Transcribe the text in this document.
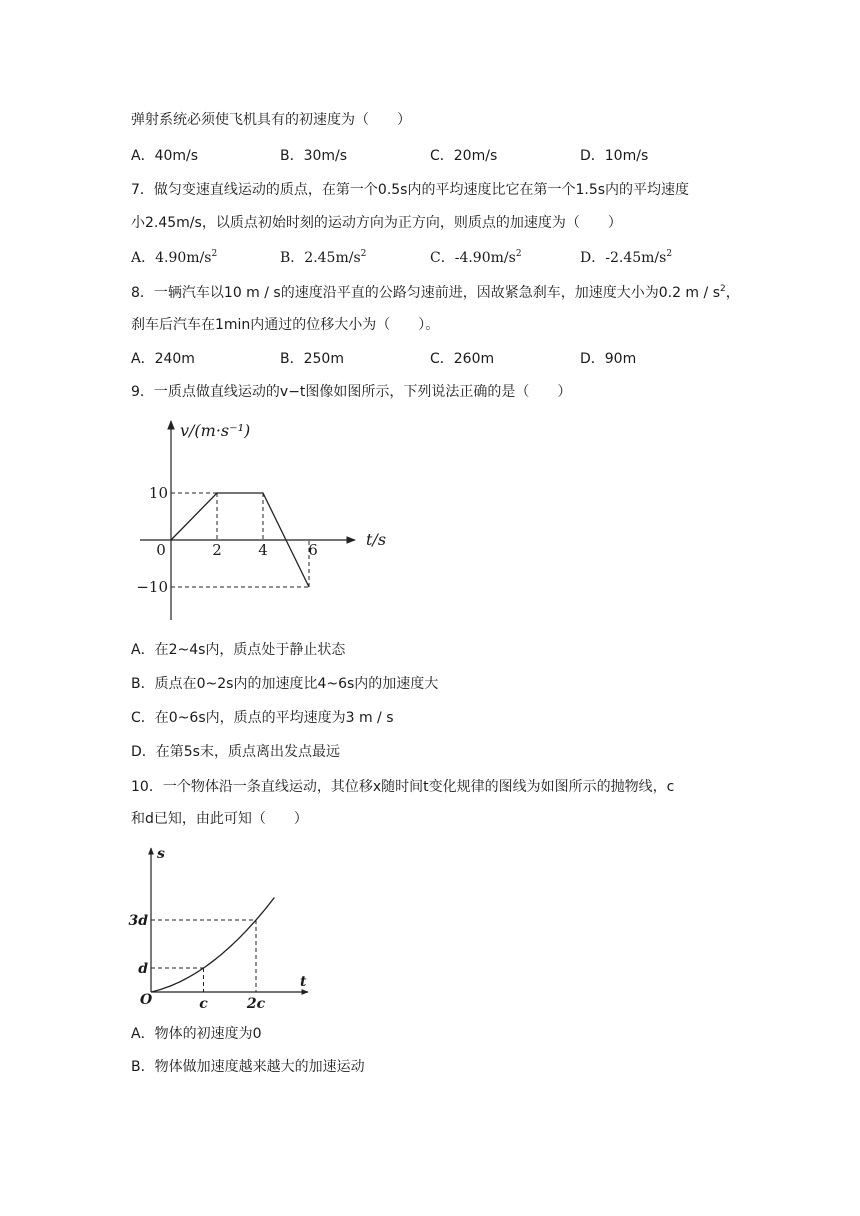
弹射系统必须使飞机具有的初速度为（　　）
A．40m/s	B．30m/s	C．20m/s	D．10m/s
7．做匀变速直线运动的质点，在第一个0.5s内的平均速度比它在第一个1.5s内的平均速度
小2.45m/s，以质点初始时刻的运动方向为正方向，则质点的加速度为（　　）
A．$4.90m/s^2$	B．$2.45m/s^2$	C．$-4.90m/s^2$	D．$-2.45m/s^2$
8．一辆汽车以10 m / s的速度沿平直的公路匀速前进，因故紧急刹车，加速度大小为0.2 m / $s^2$，
刹车后汽车在1min内通过的位移大小为（　　）。
A．240m	B．250m	C．260m	D．90m
9．一质点做直线运动的v−t图像如图所示，下列说法正确的是（　　）
0	2 4	6
10
−10
v/(m·s⁻¹)
t/s
A．在2~4s内，质点处于静止状态
B．质点在0~2s内的加速度比4~6s内的加速度大
C．在0~6s内，质点的平均速度为3 m / s
D．在第5s末，质点离出发点最远
10．一个物体沿一条直线运动，其位移x随时间t变化规律的图线为如图所示的抛物线，c
和d已知，由此可知（　　）
c	2c
d
3d
O
s
t
A．物体的初速度为0
B．物体做加速度越来越大的加速运动
